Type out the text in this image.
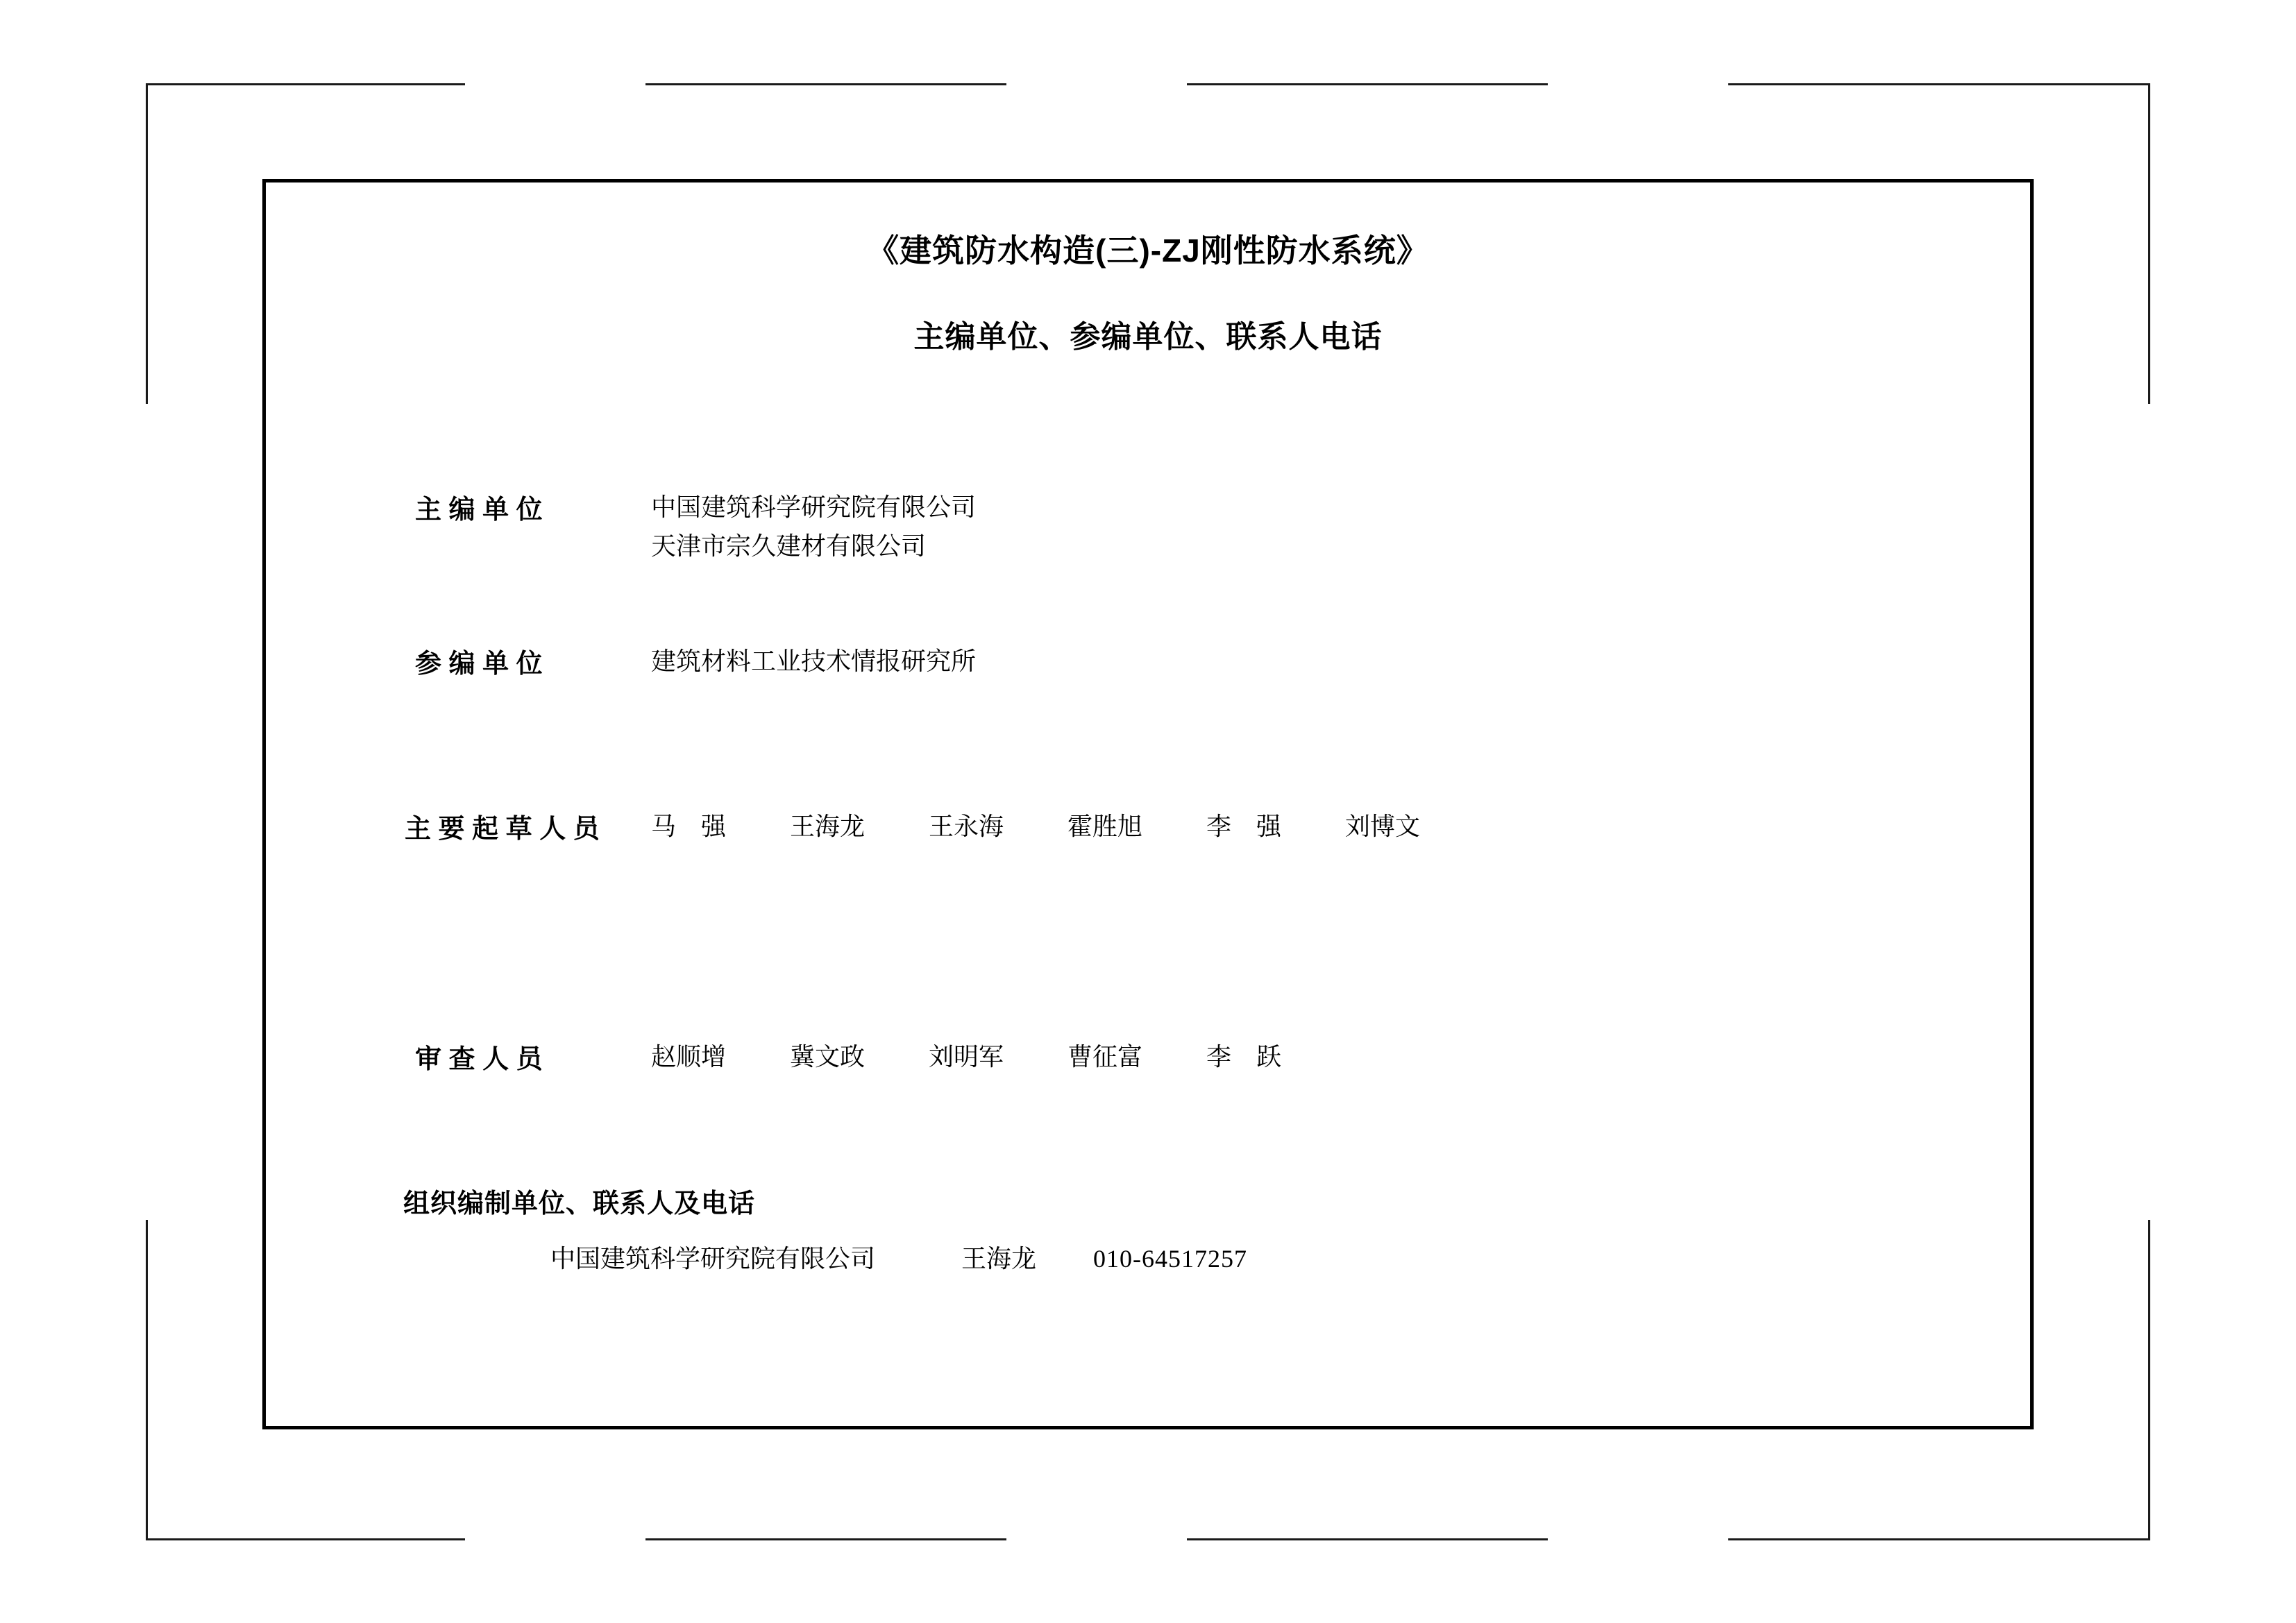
《建筑防水构造(三)-ZJ刚性防水系统》
主编单位、参编单位、联系人电话
主 编 单 位	中国建筑科学研究院有限公司
天津市宗久建材有限公司
参 编 单 位	建筑材料工业技术情报研究所
主 要 起 草 人 员	马　强	王海龙	王永海	霍胜旭	李　强	刘博文
审 查 人 员	赵顺增	冀文政	刘明军	曹征富	李　跃
组织编制单位、联系人及电话
中国建筑科学研究院有限公司	王海龙	010-64517257
